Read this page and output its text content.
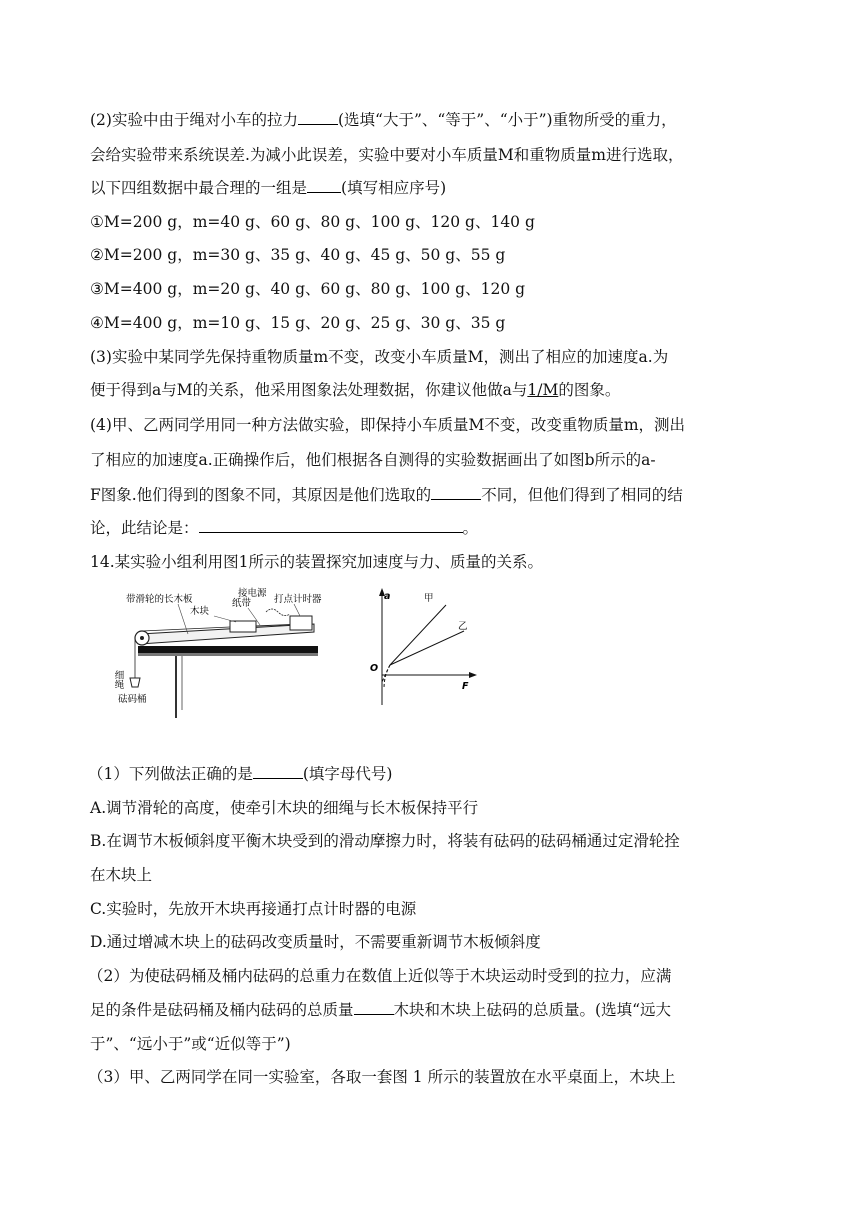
(2)实验中由于绳对小车的拉力	(选填“大于”、“等于”、“小于”)重物所受的重力，
会给实验带来系统误差.为减小此误差，实验中要对小车质量M和重物质量m进行选取，
以下四组数据中最合理的一组是 (填写相应序号)
①M=200 g，m=40 g、60 g、80 g、100 g、120 g、140 g
②M=200 g，m=30 g、35 g、40 g、45 g、50 g、55 g
③M=400 g，m=20 g、40 g、60 g、80 g、100 g、120 g
④M=400 g，m=10 g、15 g、20 g、25 g、30 g、35 g
(3)实验中某同学先保持重物质量m不变，改变小车质量M，测出了相应的加速度a.为
便于得到a与M的关系，他采用图象法处理数据，你建议他做a与1/M的图象。
(4)甲、乙两同学用同一种方法做实验，即保持小车质量M不变，改变重物质量m，测出
了相应的加速度a.正确操作后，他们根据各自测得的实验数据画出了如图b所示的a-
F图象.他们得到的图象不同，其原因是他们选取的	不同，但他们得到了相同的结
论，此结论是：	。
14.某实验小组利用图1所示的装置探究加速度与力、质量的关系。
带滑轮的长木板
木块
纸带
接电源
打点计时器
细绳
砝码桶
a	甲
乙
O
F
（1）下列做法正确的是	(填字母代号)
A.调节滑轮的高度，使牵引木块的细绳与长木板保持平行
B.在调节木板倾斜度平衡木块受到的滑动摩擦力时，将装有砝码的砝码桶通过定滑轮拴
在木块上
C.实验时，先放开木块再接通打点计时器的电源
D.通过增减木块上的砝码改变质量时，不需要重新调节木板倾斜度
（2）为使砝码桶及桶内砝码的总重力在数值上近似等于木块运动时受到的拉力，应满
足的条件是砝码桶及桶内砝码的总质量	木块和木块上砝码的总质量。(选填“远大
于”、“远小于”或“近似等于”)
（3）甲、乙两同学在同一实验室，各取一套图 1 所示的装置放在水平桌面上，木块上
